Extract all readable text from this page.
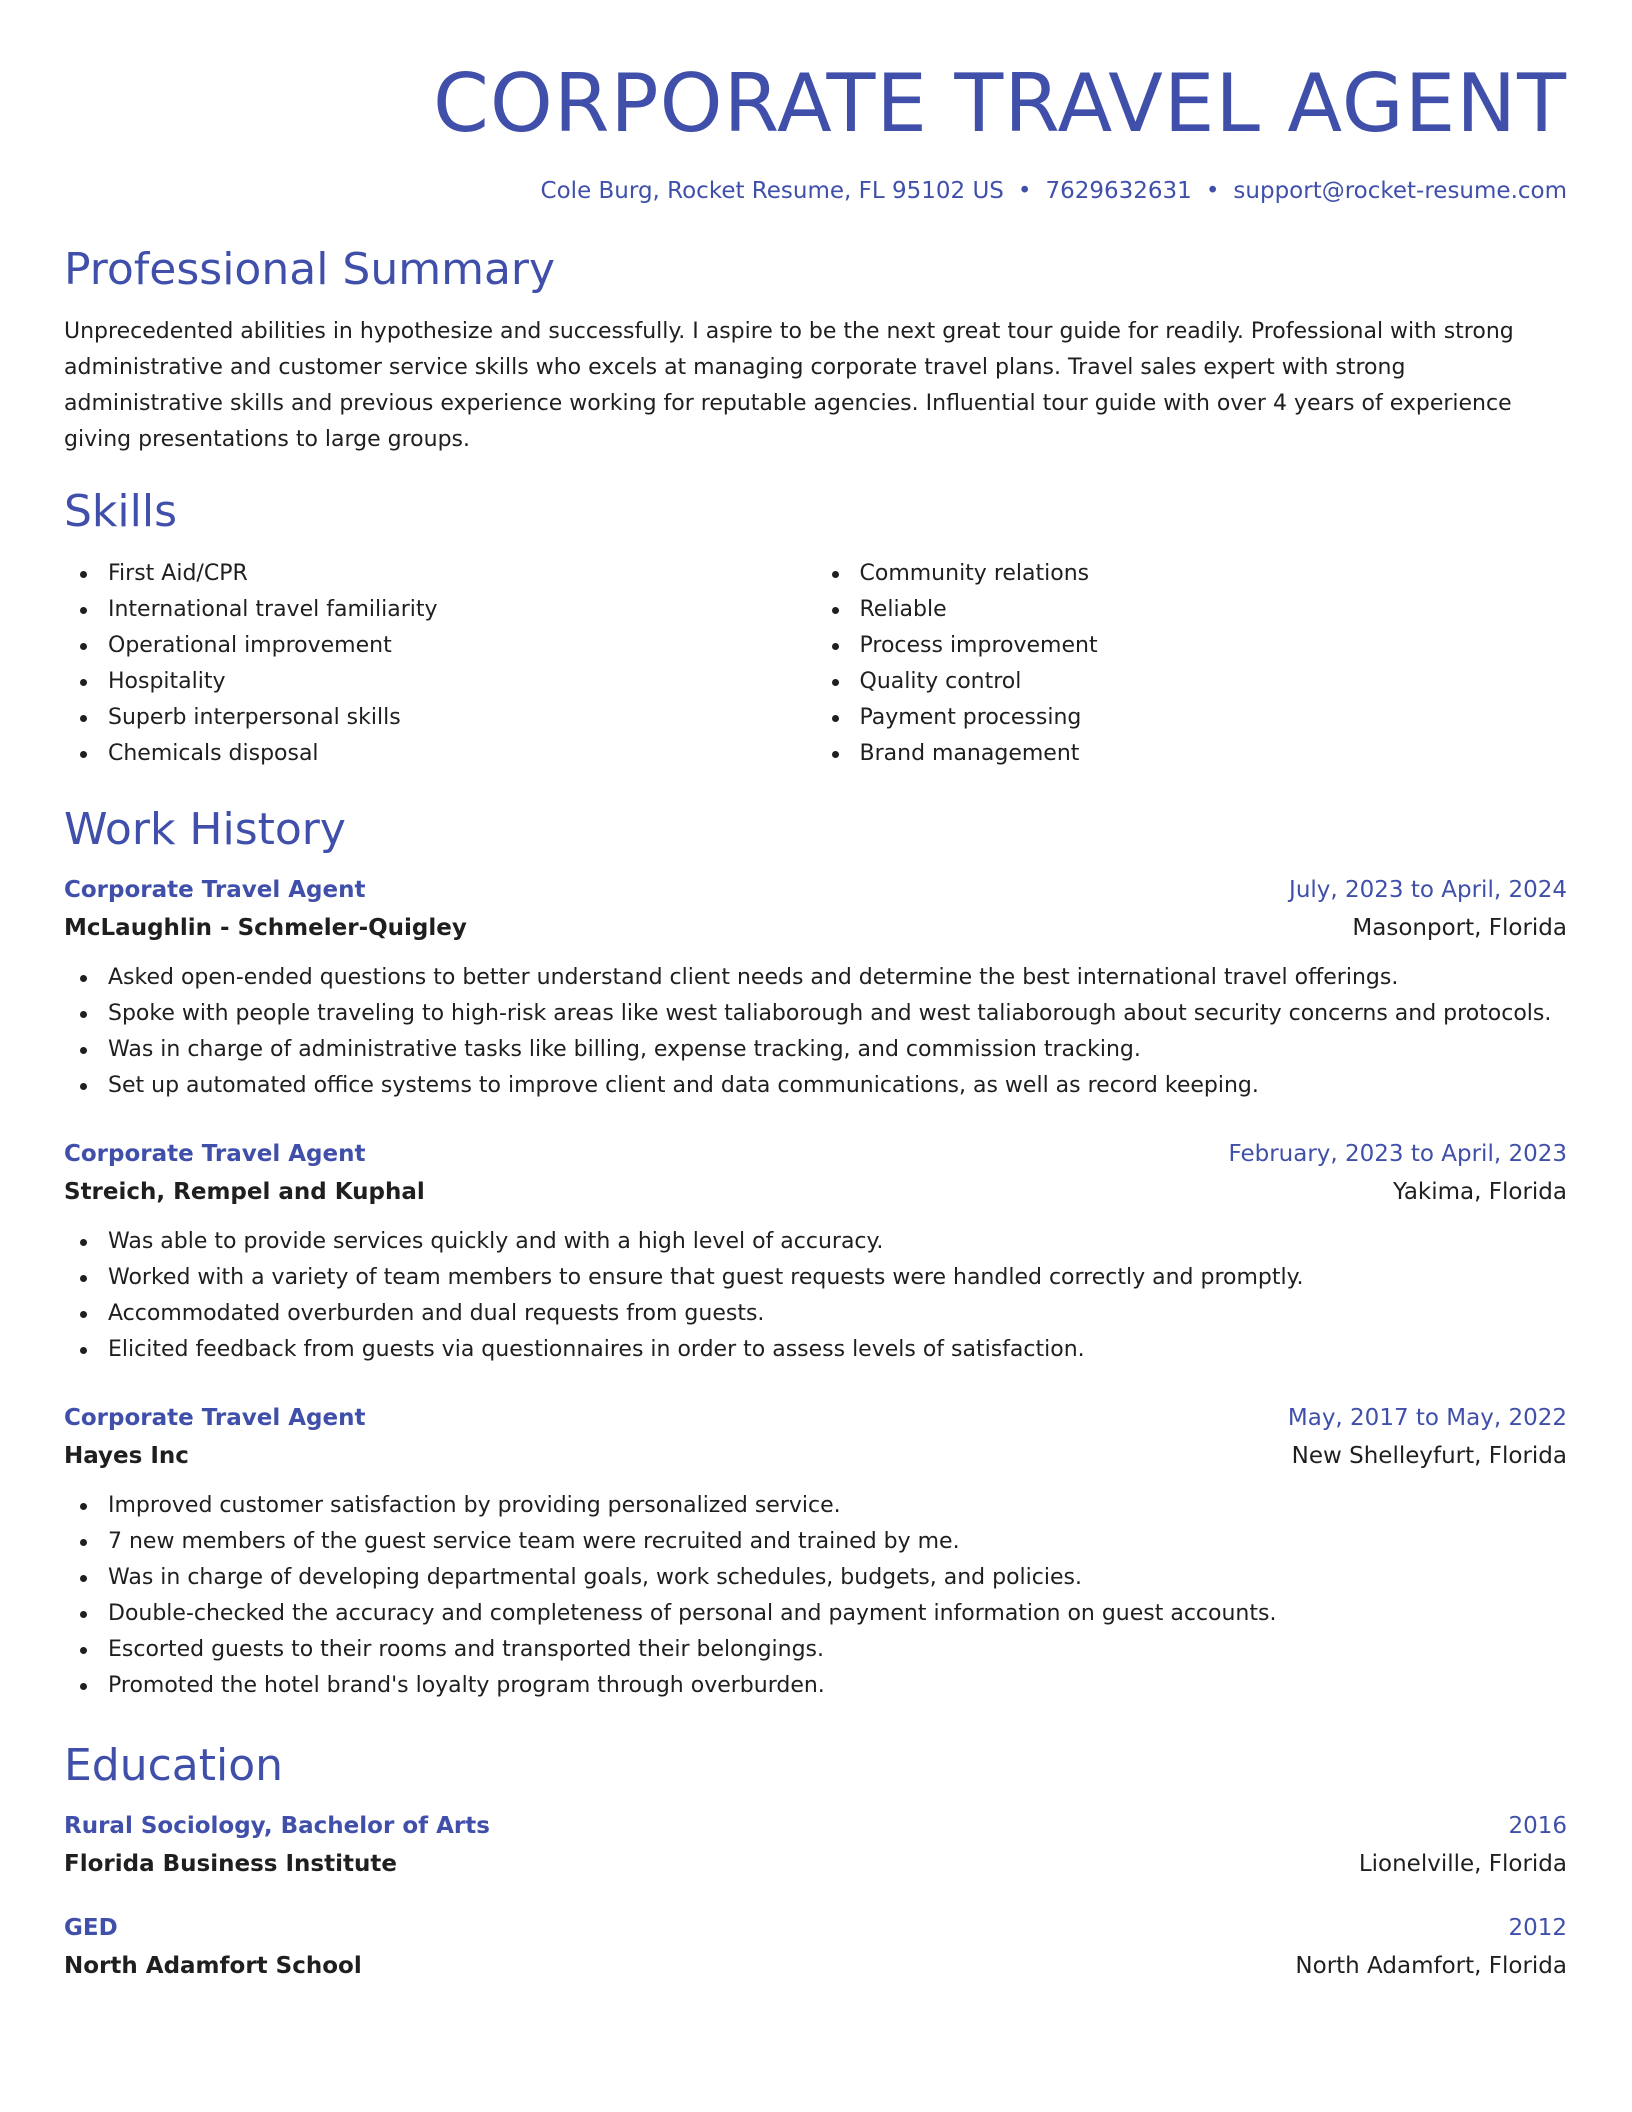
CORPORATE TRAVEL AGENT
Cole Burg, Rocket Resume, FL 95102 US • 7629632631 • support@rocket-resume.com
Professional Summary

Unprecedented abilities in hypothesize and successfully. I aspire to be the next great tour guide for readily. Professional with strong administrative and customer service skills who excels at managing corporate travel plans. Travel sales expert with strong administrative skills and previous experience working for reputable agencies. Influential tour guide with over 4 years of experience giving presentations to large groups.

Skills
First Aid/CPR
International travel familiarity
Operational improvement
Hospitality
Superb interpersonal skills
Chemicals disposal
Community relations
Reliable
Process improvement
Quality control
Payment processing
Brand management
Work History
Corporate Travel Agent	July, 2023 to April, 2024
McLaughlin - Schmeler-Quigley	Masonport, Florida
Asked open-ended questions to better understand client needs and determine the best international travel offerings.
Spoke with people traveling to high-risk areas like west taliaborough and west taliaborough about security concerns and protocols.
Was in charge of administrative tasks like billing, expense tracking, and commission tracking.
Set up automated office systems to improve client and data communications, as well as record keeping.
Corporate Travel Agent	February, 2023 to April, 2023
Streich, Rempel and Kuphal	Yakima, Florida
Was able to provide services quickly and with a high level of accuracy.
Worked with a variety of team members to ensure that guest requests were handled correctly and promptly.
Accommodated overburden and dual requests from guests.
Elicited feedback from guests via questionnaires in order to assess levels of satisfaction.
Corporate Travel Agent	May, 2017 to May, 2022
Hayes Inc	New Shelleyfurt, Florida
Improved customer satisfaction by providing personalized service.
7 new members of the guest service team were recruited and trained by me.
Was in charge of developing departmental goals, work schedules, budgets, and policies.
Double-checked the accuracy and completeness of personal and payment information on guest accounts.
Escorted guests to their rooms and transported their belongings.
Promoted the hotel brand's loyalty program through overburden.
Education
Rural Sociology, Bachelor of Arts	2016
Florida Business Institute	Lionelville, Florida
GED	2012
North Adamfort School	North Adamfort, Florida
